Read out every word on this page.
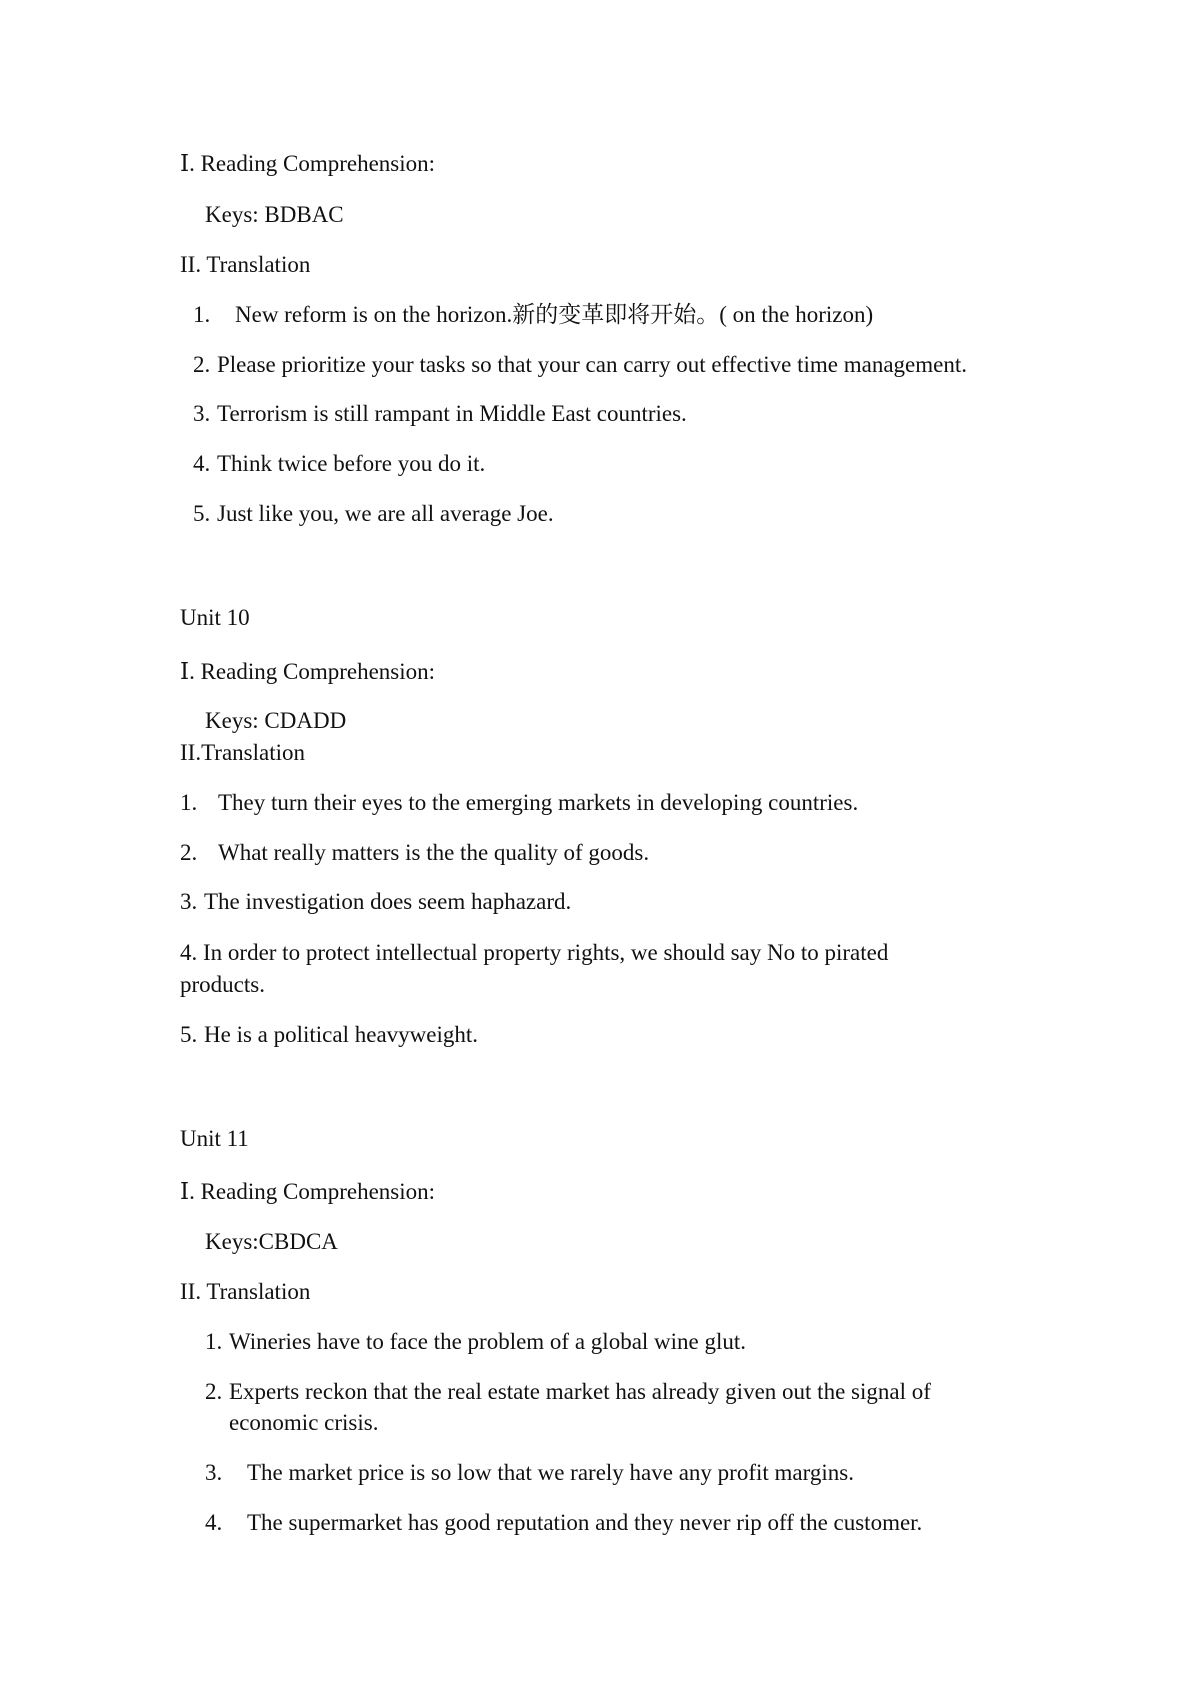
Ⅰ. Reading Comprehension:
Keys: BDBAC
II. Translation
1. New reform is on the horizon.新的变革即将开始。( on the horizon)
2. Please prioritize your tasks so that your can carry out effective time management.
3. Terrorism is still rampant in Middle East countries.
4. Think twice before you do it.
5. Just like you, we are all average Joe.
Unit 10
Ⅰ. Reading Comprehension:
Keys: CDADD
II.Translation
1. They turn their eyes to the emerging markets in developing countries.
2. What really matters is the the quality of goods.
3. The investigation does seem haphazard.
4. In order to protect intellectual property rights, we should say No to pirated products.
5. He is a political heavyweight.
Unit 11
Ⅰ. Reading Comprehension:
Keys:CBDCA
II. Translation
1. Wineries have to face the problem of a global wine glut.
2. Experts reckon that the real estate market has already given out the signal of economic crisis.
3. The market price is so low that we rarely have any profit margins.
4. The supermarket has good reputation and they never rip off the customer.
